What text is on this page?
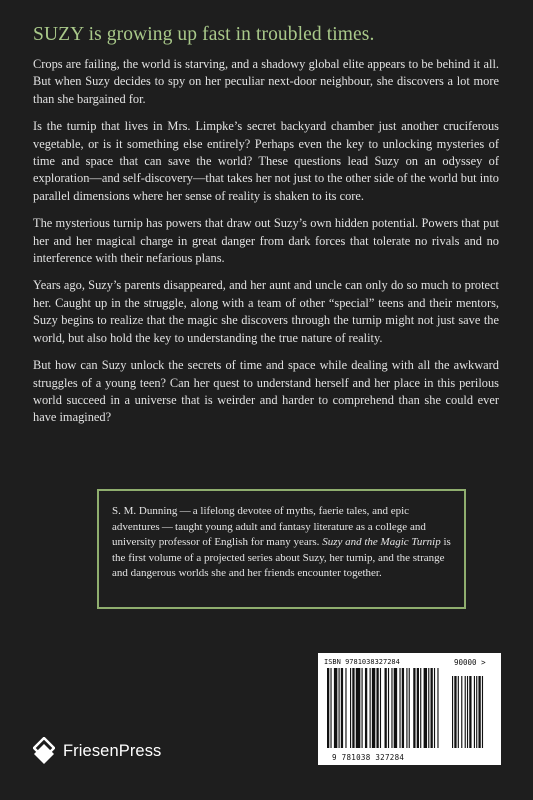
SUZY is growing up fast in troubled times.

Crops are failing, the world is starving, and a shadowy global elite appears to be behind it all. But when Suzy decides to spy on her peculiar next-door neighbour, she discovers a lot more than she bargained for.

Is the turnip that lives in Mrs. Limpke’s secret backyard chamber just another cruciferous vegetable, or is it something else entirely? Perhaps even the key to unlocking mysteries of time and space that can save the world? These questions lead Suzy on an odyssey of exploration—and self-discovery—that takes her not just to the other side of the world but into parallel dimensions where her sense of reality is shaken to its core.

The mysterious turnip has powers that draw out Suzy’s own hidden potential. Powers that put her and her magical charge in great danger from dark forces that tolerate no rivals and no interference with their nefarious plans.

Years ago, Suzy’s parents disappeared, and her aunt and uncle can only do so much to protect her. Caught up in the struggle, along with a team of other “special” teens and their mentors, Suzy begins to realize that the magic she discovers through the turnip might not just save the world, but also hold the key to understanding the true nature of reality.

But how can Suzy unlock the secrets of time and space while dealing with all the awkward struggles of a young teen? Can her quest to understand herself and her place in this perilous world succeed in a universe that is weirder and harder to comprehend than she could ever have imagined?

S. M. Dunning — a lifelong devotee of myths, faerie tales, and epic adventures — taught young adult and fantasy literature as a college and university professor of English for many years. Suzy and the Magic Turnip is the first volume of a projected series about Suzy, her turnip, and the strange and dangerous worlds she and her friends encounter together.
ISBN 9781038327284	90000 >
9 781038 327284
FriesenPress
